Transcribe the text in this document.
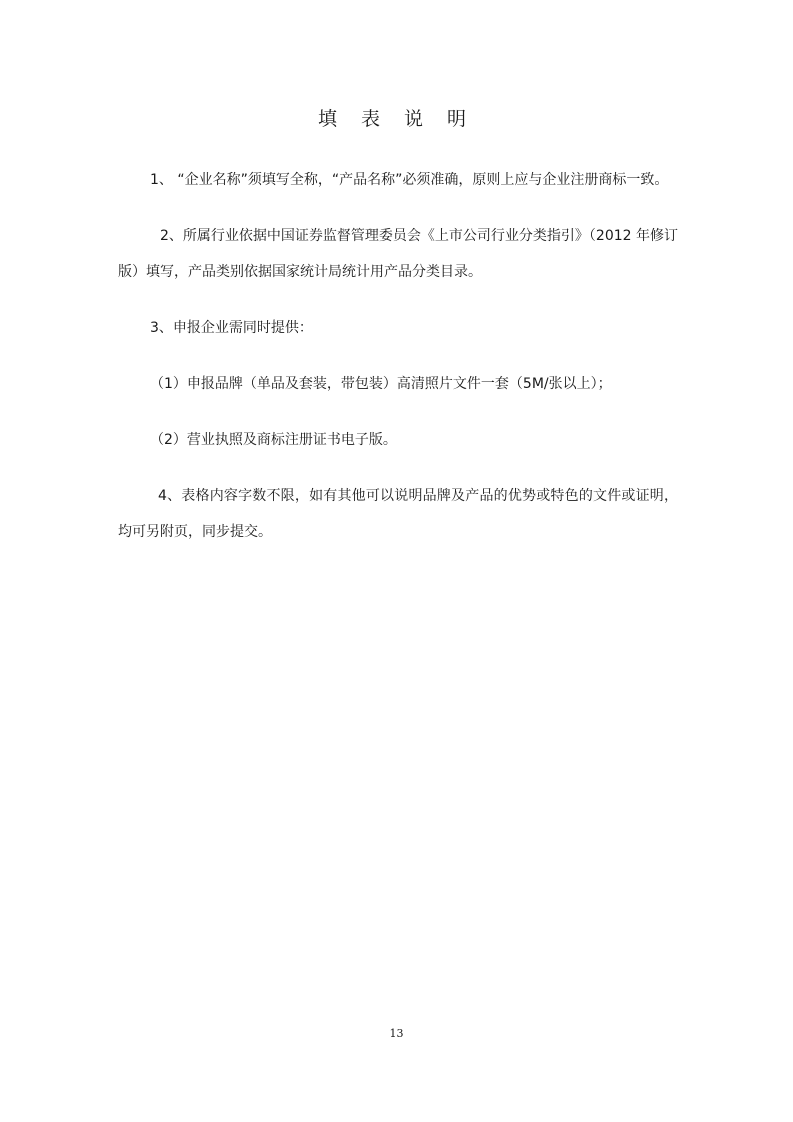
填 表 说 明

1、 “企业名称”须填写全称，“产品名称”必须准确，原则上应与企业注册商标一致。

2、所属行业依据中国证券监督管理委员会《上市公司行业分类指引》（2012 年修订版）填写，产品类别依据国家统计局统计用产品分类目录。

3、申报企业需同时提供：

（1）申报品牌（单品及套装，带包装）高清照片文件一套（5M/张以上）；

（2）营业执照及商标注册证书电子版。

4、表格内容字数不限，如有其他可以说明品牌及产品的优势或特色的文件或证明，均可另附页，同步提交。

13
